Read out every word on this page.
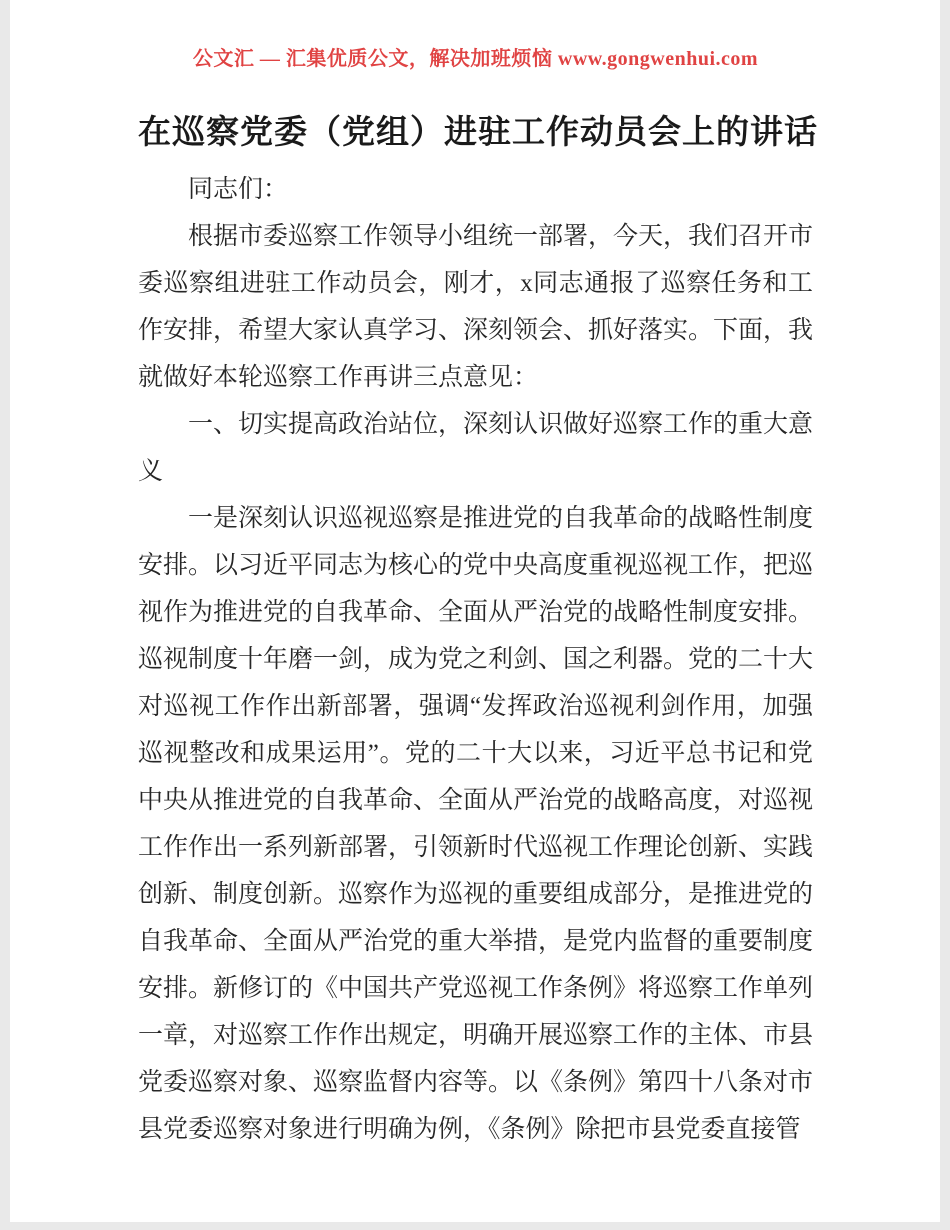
公文汇 — 汇集优质公文，解决加班烦恼 www.gongwenhui.com
在巡察党委（党组）进驻工作动员会上的讲话

同志们：

根据市委巡察工作领导小组统一部署，今天，我们召开市委巡察组进驻工作动员会，刚才，x同志通报了巡察任务和工作安排，希望大家认真学习、深刻领会、抓好落实。下面，我就做好本轮巡察工作再讲三点意见：

一、切实提高政治站位，深刻认识做好巡察工作的重大意义

一是深刻认识巡视巡察是推进党的自我革命的战略性制度安排。以习近平同志为核心的党中央高度重视巡视工作，把巡视作为推进党的自我革命、全面从严治党的战略性制度安排。巡视制度十年磨一剑，成为党之利剑、国之利器。党的二十大对巡视工作作出新部署，强调“发挥政治巡视利剑作用，加强巡视整改和成果运用”。党的二十大以来，习近平总书记和党中央从推进党的自我革命、全面从严治党的战略高度，对巡视工作作出一系列新部署，引领新时代巡视工作理论创新、实践创新、制度创新。巡察作为巡视的重要组成部分，是推进党的自我革命、全面从严治党的重大举措，是党内监督的重要制度安排。新修订的《中国共产党巡视工作条例》将巡察工作单列一章，对巡察工作作出规定，明确开展巡察工作的主体、市县党委巡察对象、巡察监督内容等。以《条例》第四十八条对市县党委巡察对象进行明确为例，《条例》除把市县党委直接管
